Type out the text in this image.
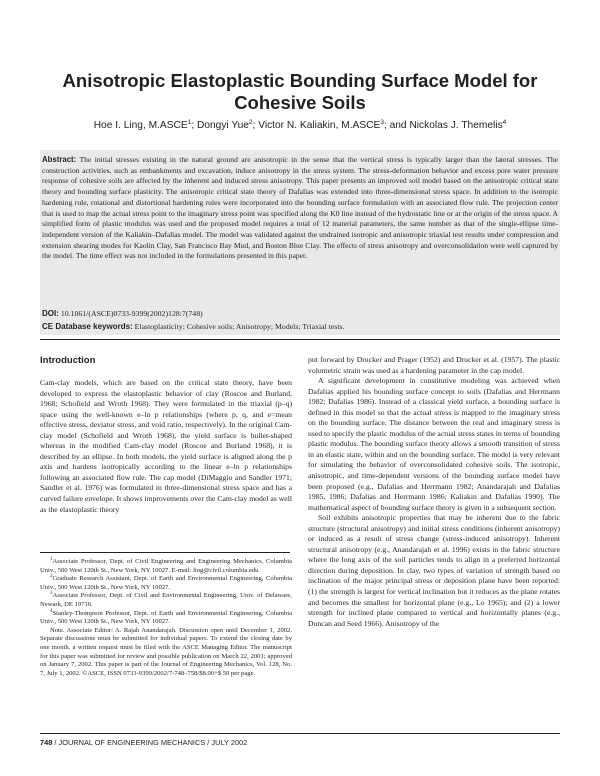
Anisotropic Elastoplastic Bounding Surface Model for
Cohesive Soils
Hoe I. Ling, M.ASCE$^1$; Dongyi Yue$^2$; Victor N. Kaliakin, M.ASCE$^3$; and Nickolas J. Themelis$^4$
Abstract: The initial stresses existing in the natural ground are anisotropic in the sense that the vertical stress is typically larger than the lateral stresses. The construction activities, such as embankments and excavation, induce anisotropy in the stress system. The stress-deformation behavior and excess pore water pressure response of cohesive soils are affected by the inherent and induced stress anisotropy. This paper presents an improved soil model based on the anisotropic critical state theory and bounding surface plasticity. The anisotropic critical state theory of Dafalias was extended into three-dimensional stress space. In addition to the isotropic hardening rule, rotational and distortional hardening rules were incorporated into the bounding surface formulation with an associated flow rule. The projection center that is used to map the actual stress point to the imaginary stress point was specified along the K0 line instead of the hydrostatic line or at the origin of the stress space. A simplified form of plastic modulus was used and the proposed model requires a total of 12 material parameters, the same number as that of the single-ellipse time-independent version of the Kaliakin–Dafalias model. The model was validated against the undrained isotropic and anisotropic triaxial test results under compression and extension shearing modes for Kaolin Clay, San Francisco Bay Mud, and Boston Blue Clay. The effects of stress anisotropy and overconsolidation were well captured by the model. The time effect was not included in the formulations presented in this paper.
DOI: 10.1061/(ASCE)0733-9399(2002)128:7(748)
CE Database keywords: Elastoplasticity; Cohesive soils; Anisotropy; Models; Triaxial tests.
Introduction

Cam-clay models, which are based on the critical state theory, have been developed to express the elastoplastic behavior of clay (Roscoe and Burland, 1968; Schofield and Wroth 1968). They were formulated in the triaxial (p–q) space using the well-known e–ln p relationships (where p, q, and e=mean effective stress, deviator stress, and void ratio, respectively). In the original Cam-clay model (Schofield and Wroth 1968), the yield surface is bullet-shaped whereas in the modified Cam-clay model (Roscoe and Burland 1968), it is described by an ellipse. In both models, the yield surface is aligned along the p axis and hardens isotropically according to the linear e–ln p relationships following an associated flow rule. The cap model (DiMaggio and Sandler 1971; Sandler et al. 1976) was formulated in three-dimensional stress space and has a curved failure envelope. It shows improvements over the Cam-clay model as well as the elastoplastic theory

$^1$Associate Professor, Dept. of Civil Engineering and Engineering Mechanics, Columbia Univ., 500 West 120th St., New York, NY 10027. E-mail: ling@civil.columbia.edu

$^2$Graduate Research Assistant, Dept. of Earth and Environmental Engineering, Columbia Univ., 500 West 120th St., New York, NY 10027.

$^3$Associate Professor, Dept. of Civil and Environmental Engineering, Univ. of Delaware, Newark, DE 19716.

$^4$Stanley-Thompson Professor, Dept. of Earth and Environmental Engineering, Columbia Univ., 500 West 120th St., New York, NY 10027.

Note. Associate Editor: A. Rajah Anandarajah. Discussion open until December 1, 2002. Separate discussions must be submitted for individual papers. To extend the closing date by one month, a written request must be filed with the ASCE Managing Editor. The manuscript for this paper was submitted for review and possible publication on March 22, 2001; approved on January 7, 2002. This paper is part of the Journal of Engineering Mechanics, Vol. 128, No. 7, July 1, 2002. ©ASCE, ISSN 0733-9399/2002/7-748–758/$8.00+$.50 per page.

put forward by Drucker and Prager (1952) and Drucker et al. (1957). The plastic volumetric strain was used as a hardening parameter in the cap model.

A significant development in constitutive modeling was achieved when Dafalias applied his bounding surface concept to soils (Dafalias and Herrmann 1982; Dafalias 1986). Instead of a classical yield surface, a bounding surface is defined in this model so that the actual stress is mapped to the imaginary stress on the bounding surface. The distance between the real and imaginary stress is used to specify the plastic modulus of the actual stress states in terms of bounding plastic modulus. The bounding surface theory allows a smooth transition of stress in an elastic state, within and on the bounding surface. The model is very relevant for simulating the behavior of overconsolidated cohesive soils. The isotropic, anisotropic, and time-dependent versions of the bounding surface model have been proposed (e.g., Dafalias and Herrmann 1982; Anandarajah and Dafalias 1985, 1986; Dafalias and Herrmann 1986; Kaliakin and Dafalias 1990). The mathematical aspect of bounding surface theory is given in a subsequent section.

Soil exhibits anisotropic properties that may be inherent due to the fabric structure (structural anisotropy) and initial stress conditions (inherent anisotropy) or induced as a result of stress change (stress-induced anisotropy). Inherent structural anisotropy (e.g., Anandarajah et al. 1996) exists in the fabric structure where the long axis of the soil particles tends to align in a preferred horizontal direction during deposition. In clay, two types of variation of strength based on inclination of the major principal stress or deposition plane have been reported: (1) the strength is largest for vertical inclination but it reduces as the plane rotates and becomes the smallest for horizontal plane (e.g., Lo 1965); and (2) a lower strength for inclined plane compared to vertical and horizontally planes (e.g., Duncan and Seed 1966). Anisotropy of the

748 / JOURNAL OF ENGINEERING MECHANICS / JULY 2002
